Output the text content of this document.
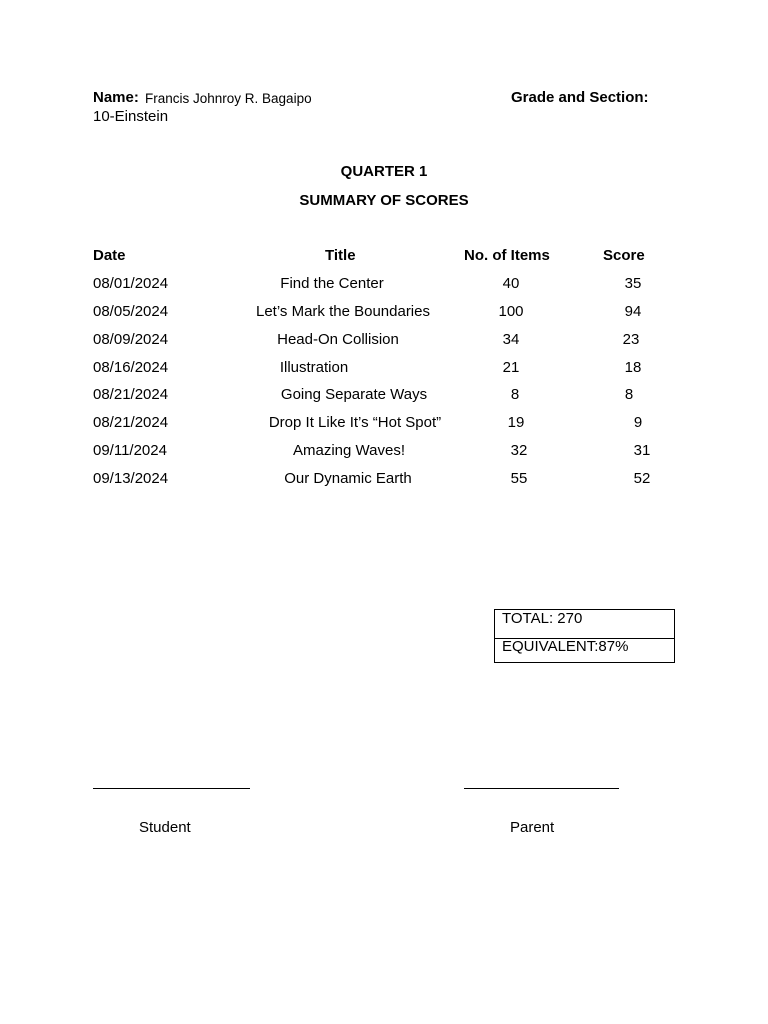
Name: Francis Johnroy R. Bagaipo	Grade and Section:
10-Einstein
QUARTER 1
SUMMARY OF SCORES
Date	Title	No. of Items	Score
08/01/2024	Find the Center	40	35
08/05/2024	Let’s Mark the Boundaries	100	94
08/09/2024	Head-On Collision	34	23
08/16/2024	Illustration	21	18
08/21/2024	Going Separate Ways	8	8
08/21/2024	Drop It Like It’s “Hot Spot”	19	9
09/11/2024	Amazing Waves!	32	31
09/13/2024	Our Dynamic Earth	55	52
TOTAL: 270
EQUIVALENT:87%
Student	Parent
